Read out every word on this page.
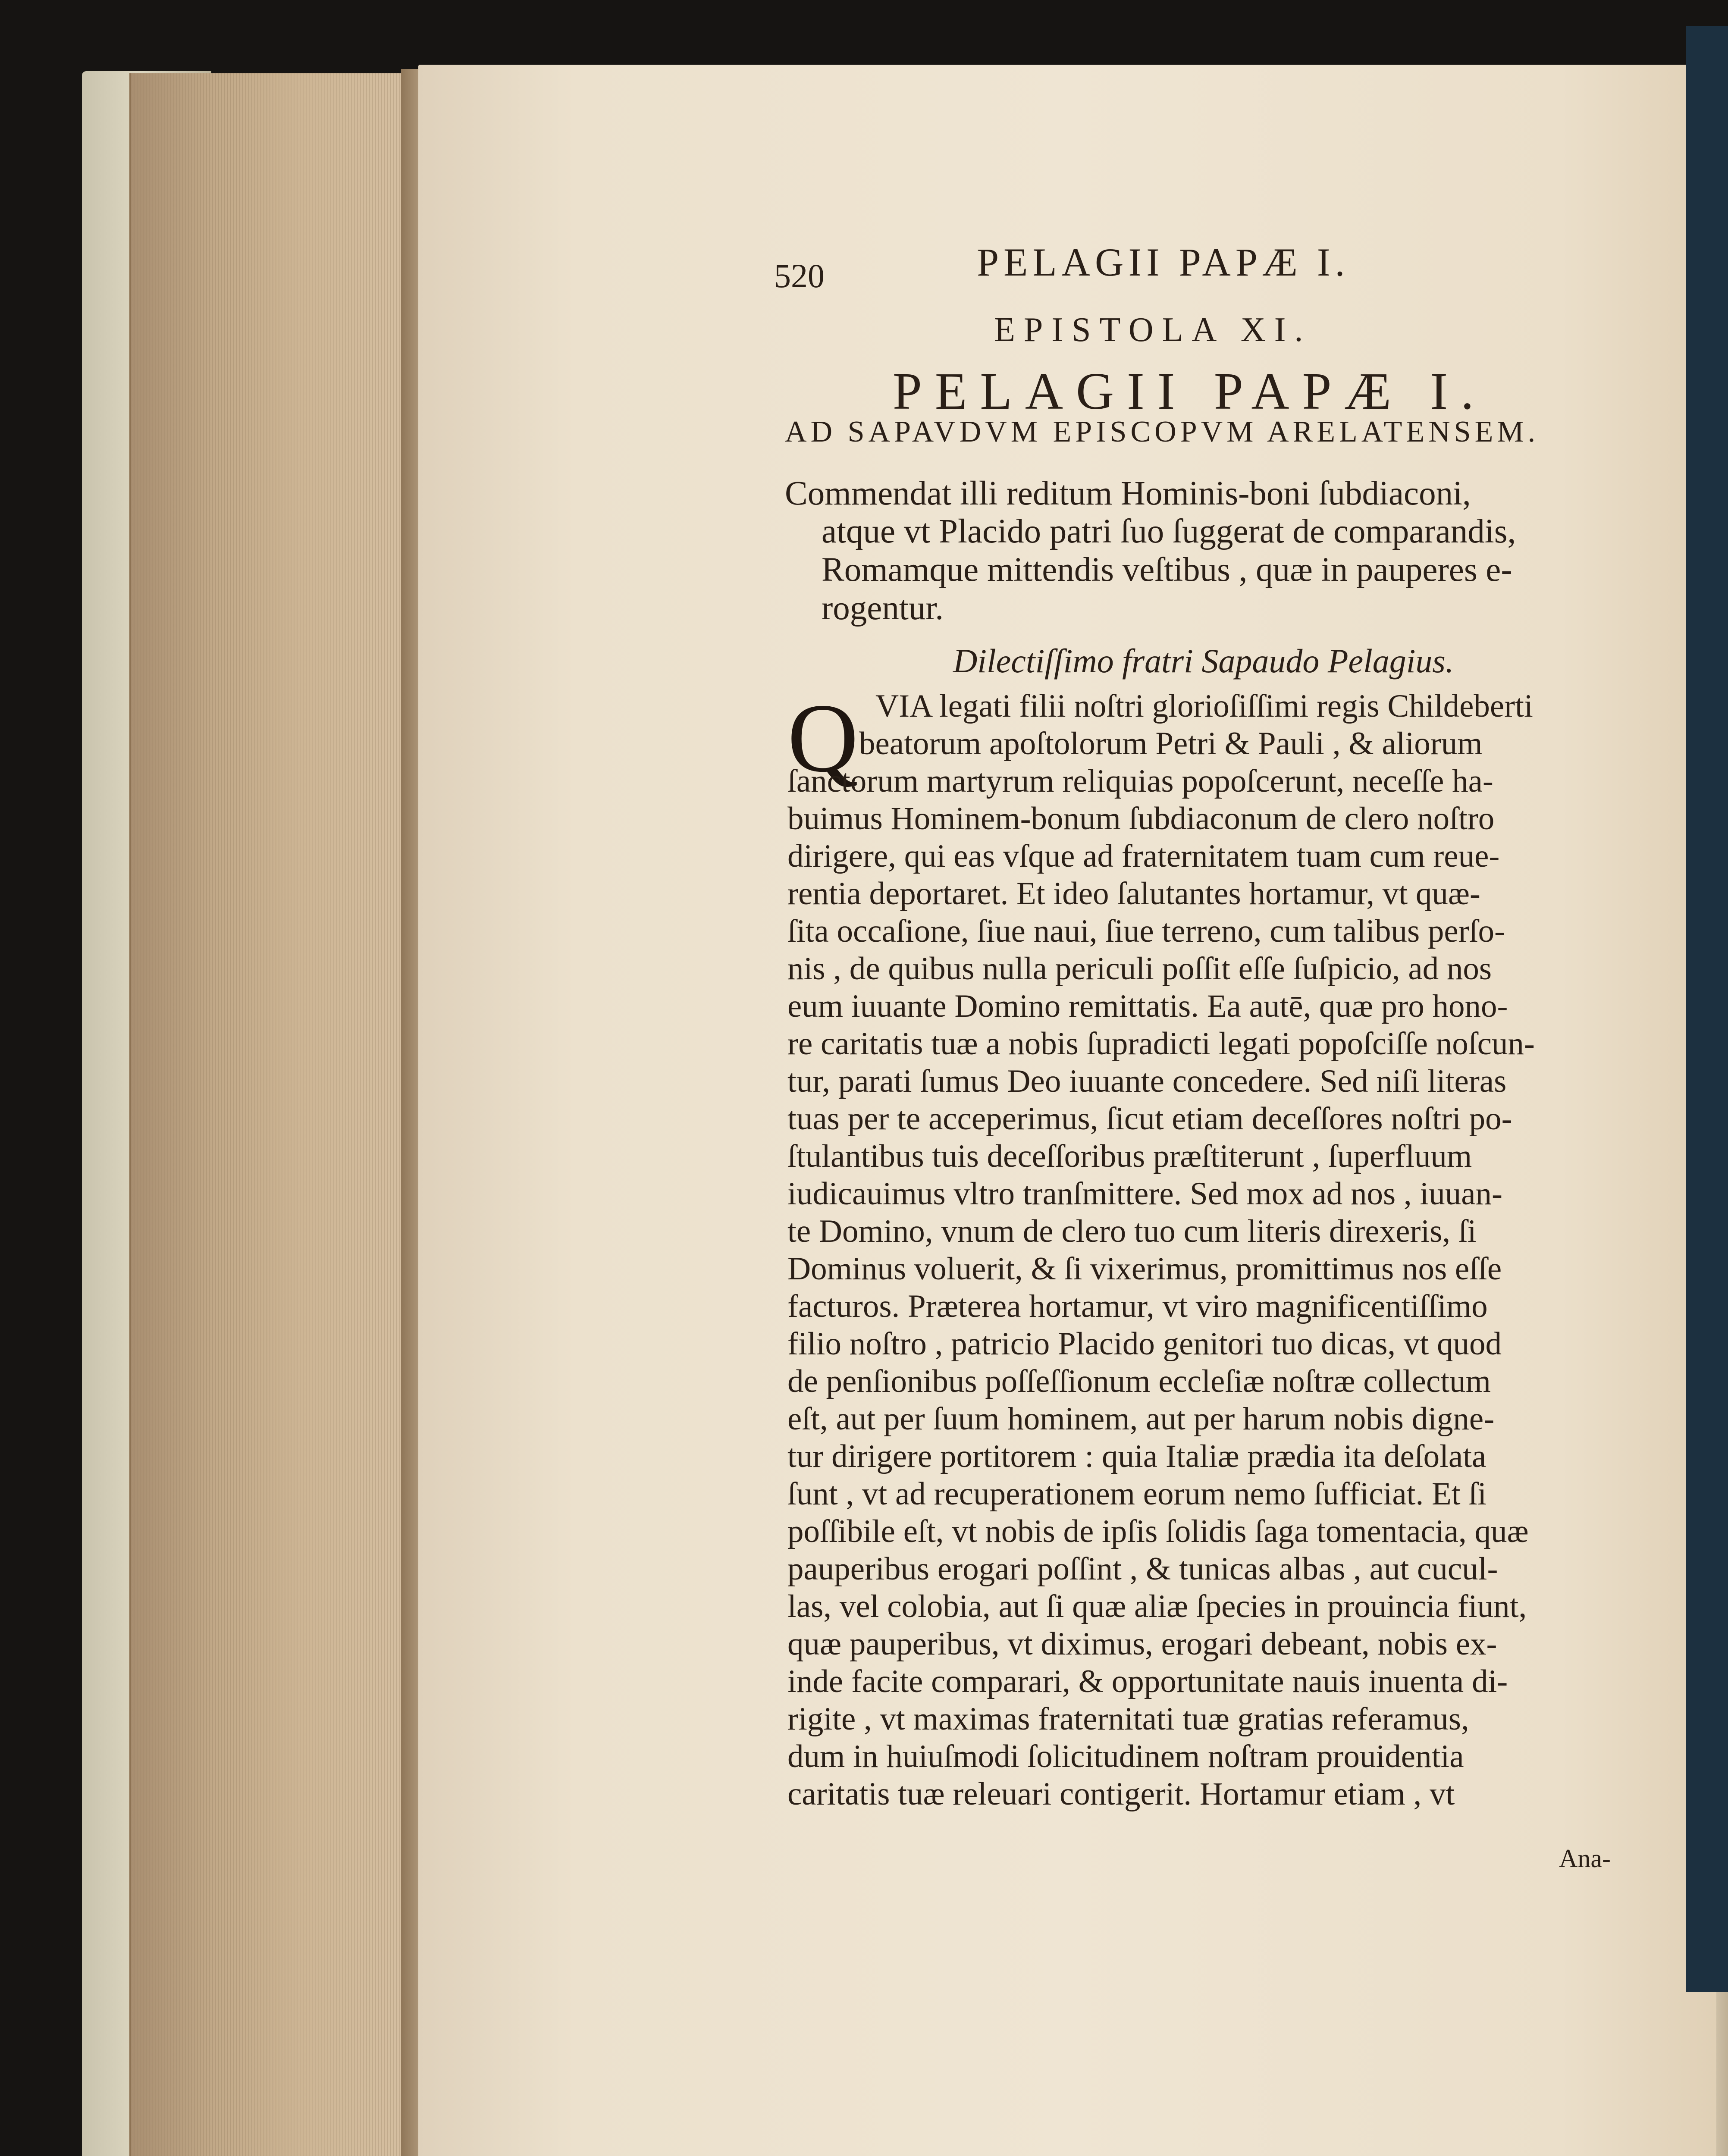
520	PELAGII PAPÆ I.
EPISTOLA XI.
PELAGII PAPÆ I.
AD SAPAVDVM EPISCOPVM ARELATENSEM.
Commendat illi reditum Hominis-boni ſubdiaconi,
atque vt Placido patri ſuo ſuggerat de comparandis,
Romamque mittendis veſtibus , quæ in pauperes e-
rogentur.
Dilectiſſimo fratri Sapaudo Pelagius.
Q VIA legati filii noſtri glorioſiſſimi regis Childeberti
beatorum apoſtolorum Petri & Pauli , & aliorum
ſanctorum martyrum reliquias popoſcerunt, neceſſe ha-
buimus Hominem-bonum ſubdiaconum de clero noſtro
dirigere, qui eas vſque ad fraternitatem tuam cum reue-
rentia deportaret. Et ideo ſalutantes hortamur, vt quæ-
ſita occaſione, ſiue naui, ſiue terreno, cum talibus perſo-
nis , de quibus nulla periculi poſſit eſſe ſuſpicio, ad nos
eum iuuante Domino remittatis. Ea autē, quæ pro hono-
re caritatis tuæ a nobis ſupradicti legati popoſciſſe noſcun-
tur, parati ſumus Deo iuuante concedere. Sed niſi literas
tuas per te acceperimus, ſicut etiam deceſſores noſtri po-
ſtulantibus tuis deceſſoribus præſtiterunt , ſuperfluum
iudicauimus vltro tranſmittere. Sed mox ad nos , iuuan-
te Domino, vnum de clero tuo cum literis direxeris, ſi
Dominus voluerit, & ſi vixerimus, promittimus nos eſſe
facturos. Præterea hortamur, vt viro magnificentiſſimo
filio noſtro , patricio Placido genitori tuo dicas, vt quod
de penſionibus poſſeſſionum eccleſiæ noſtræ collectum
eſt, aut per ſuum hominem, aut per harum nobis digne-
tur dirigere portitorem : quia Italiæ prædia ita deſolata
ſunt , vt ad recuperationem eorum nemo ſufficiat. Et ſi
poſſibile eſt, vt nobis de ipſis ſolidis ſaga tomentacia, quæ
pauperibus erogari poſſint , & tunicas albas , aut cucul-
las, vel colobia, aut ſi quæ aliæ ſpecies in prouincia fiunt,
quæ pauperibus, vt diximus, erogari debeant, nobis ex-
inde facite comparari, & opportunitate nauis inuenta di-
rigite , vt maximas fraternitati tuæ gratias referamus,
dum in huiuſmodi ſolicitudinem noſtram prouidentia
caritatis tuæ releuari contigerit. Hortamur etiam , vt
Ana-
